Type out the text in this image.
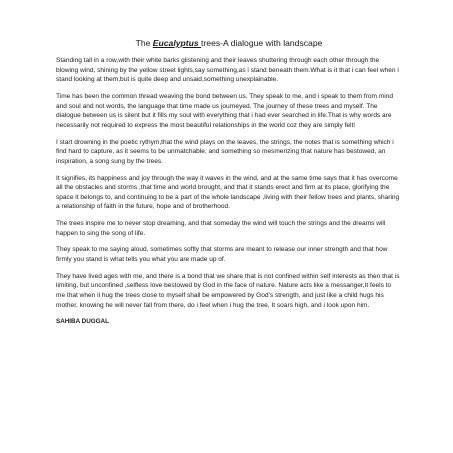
The Eucalyptus trees-A dialogue with landscape

Standing tall in a row,with their white barks glistening and their leaves shuttering through each other through the blowing wind, shining by the yellow street lights,say something,as i stand beneath them.What is it that i can feel when i stand looking at them,but is quite deep and unsaid,something unexplainable.

Time has been the common thread weaving the bond between us. They speak to me, and i speak to them from mind and soul and not words, the language that time made us journeyed. The journey of these trees and myself. The dialogue between us is silent but it fills my soul with everything that i had ever searched in life.That is why words are necessarily not required to express the most beautiful relationships in the world coz they are simply felt!

I start drowning in the poetic rythym,that the wind plays on the leaves, the strings, the notes that is something which i find hard to capture, as it seems to be unmatchable, and something so mesmerizing that nature has bestowed, an inspiration, a song sung by the trees.

It signifies, its happiness and joy through the way it waves in the wind, and at the same time says that it has overcome all the obstacles and storms ,that time and world brought, and that it stands erect and firm at its place, glorifying the space it belongs to, and continuing to be a part of the whole landscape ,living with their fellow trees and plants, sharing a relationship of faith in the future, hope and of brotherhood.

The trees inspire me to never stop dreaming, and that someday the wind will touch the strings and the dreams will happen to sing the song of life.

They speak to me saying aloud, sometimes softly that storms are meant to release our inner strength and that how firmly you stand is what tells you what you are made up of.

They have lived ages with me, and there is a bond that we share that is not confined within self interests as then that is limiting, but unconfined ,selfless love bestowed by God in the face of nature. Nature acts like a messanger,It feels to me that when il hug the trees close to myself shall be empowered by God’s strength, and just like a child hugs his mother, knowing he will never fall from there, do i feel when i hug the tree, It soars high, and i look upon him.

SAHIBA DUGGAL
